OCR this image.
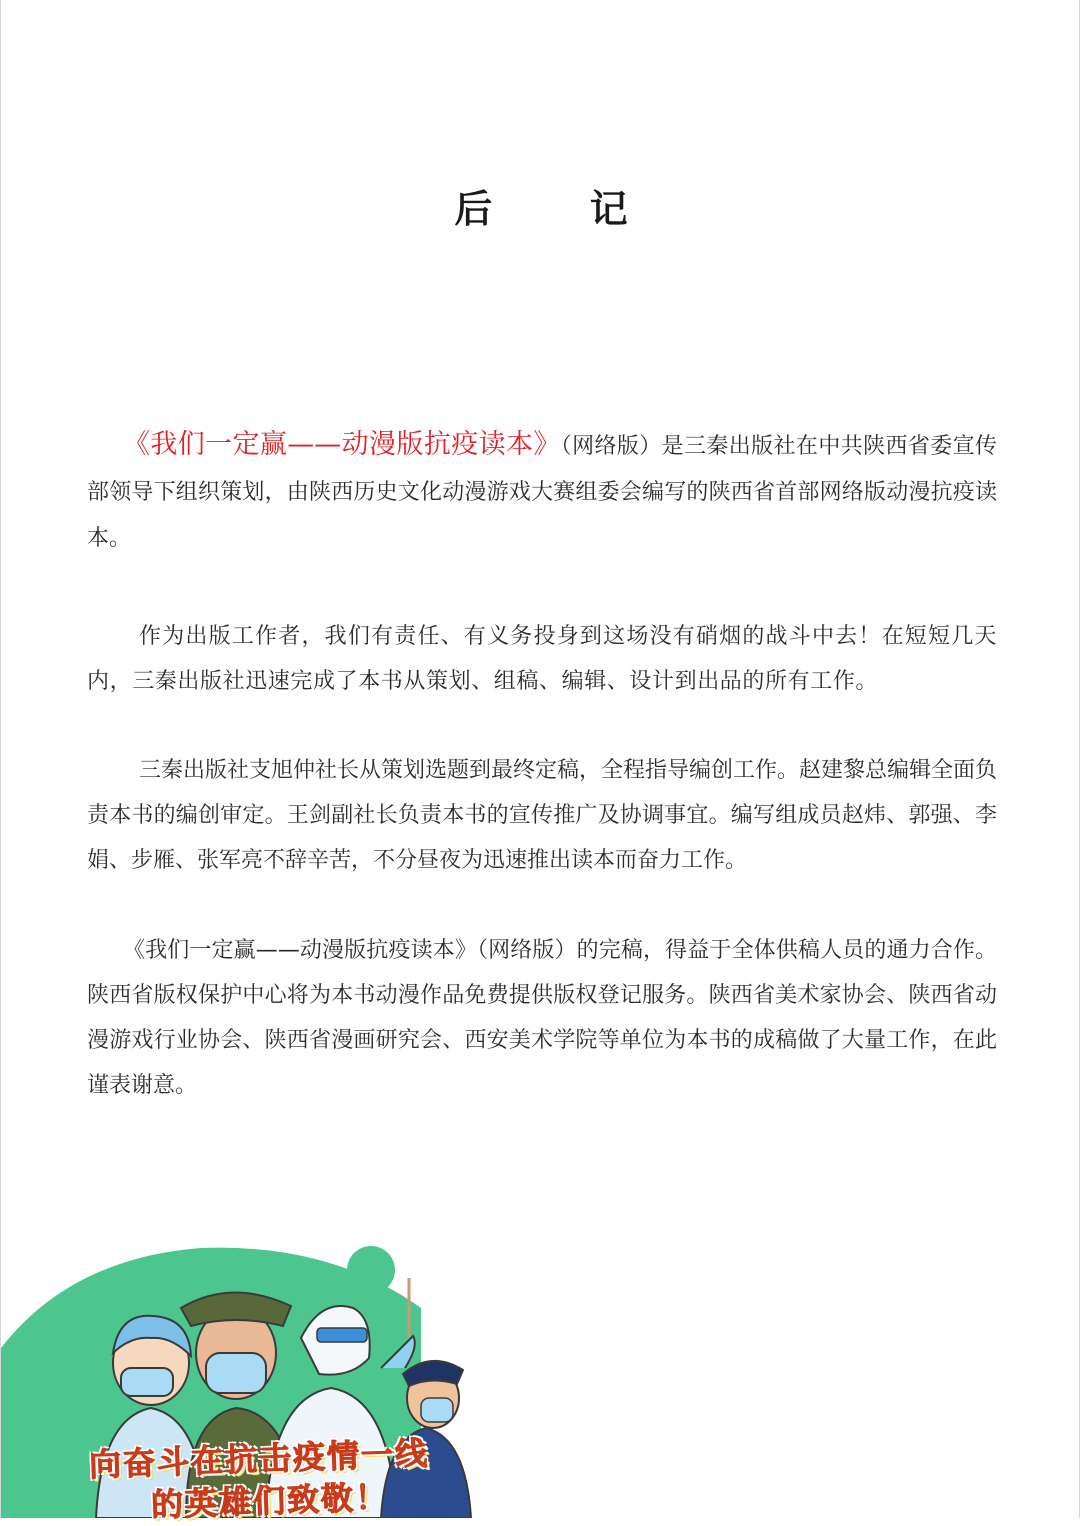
后 记

《我们一定赢——动漫版抗疫读本》（网络版）是三秦出版社在中共陕西省委宣传部领导下组织策划，由陕西历史文化动漫游戏大赛组委会编写的陕西省首部网络版动漫抗疫读本。

作为出版工作者，我们有责任、有义务投身到这场没有硝烟的战斗中去！在短短几天内，三秦出版社迅速完成了本书从策划、组稿、编辑、设计到出品的所有工作。

三秦出版社支旭仲社长从策划选题到最终定稿，全程指导编创工作。赵建黎总编辑全面负责本书的编创审定。王剑副社长负责本书的宣传推广及协调事宜。编写组成员赵炜、郭强、李娟、步雁、张军亮不辞辛苦，不分昼夜为迅速推出读本而奋力工作。

《我们一定赢——动漫版抗疫读本》（网络版）的完稿，得益于全体供稿人员的通力合作。陕西省版权保护中心将为本书动漫作品免费提供版权登记服务。陕西省美术家协会、陕西省动漫游戏行业协会、陕西省漫画研究会、西安美术学院等单位为本书的成稿做了大量工作，在此谨表谢意。

向奋斗在抗击疫情一线
的英雄们致敬！
